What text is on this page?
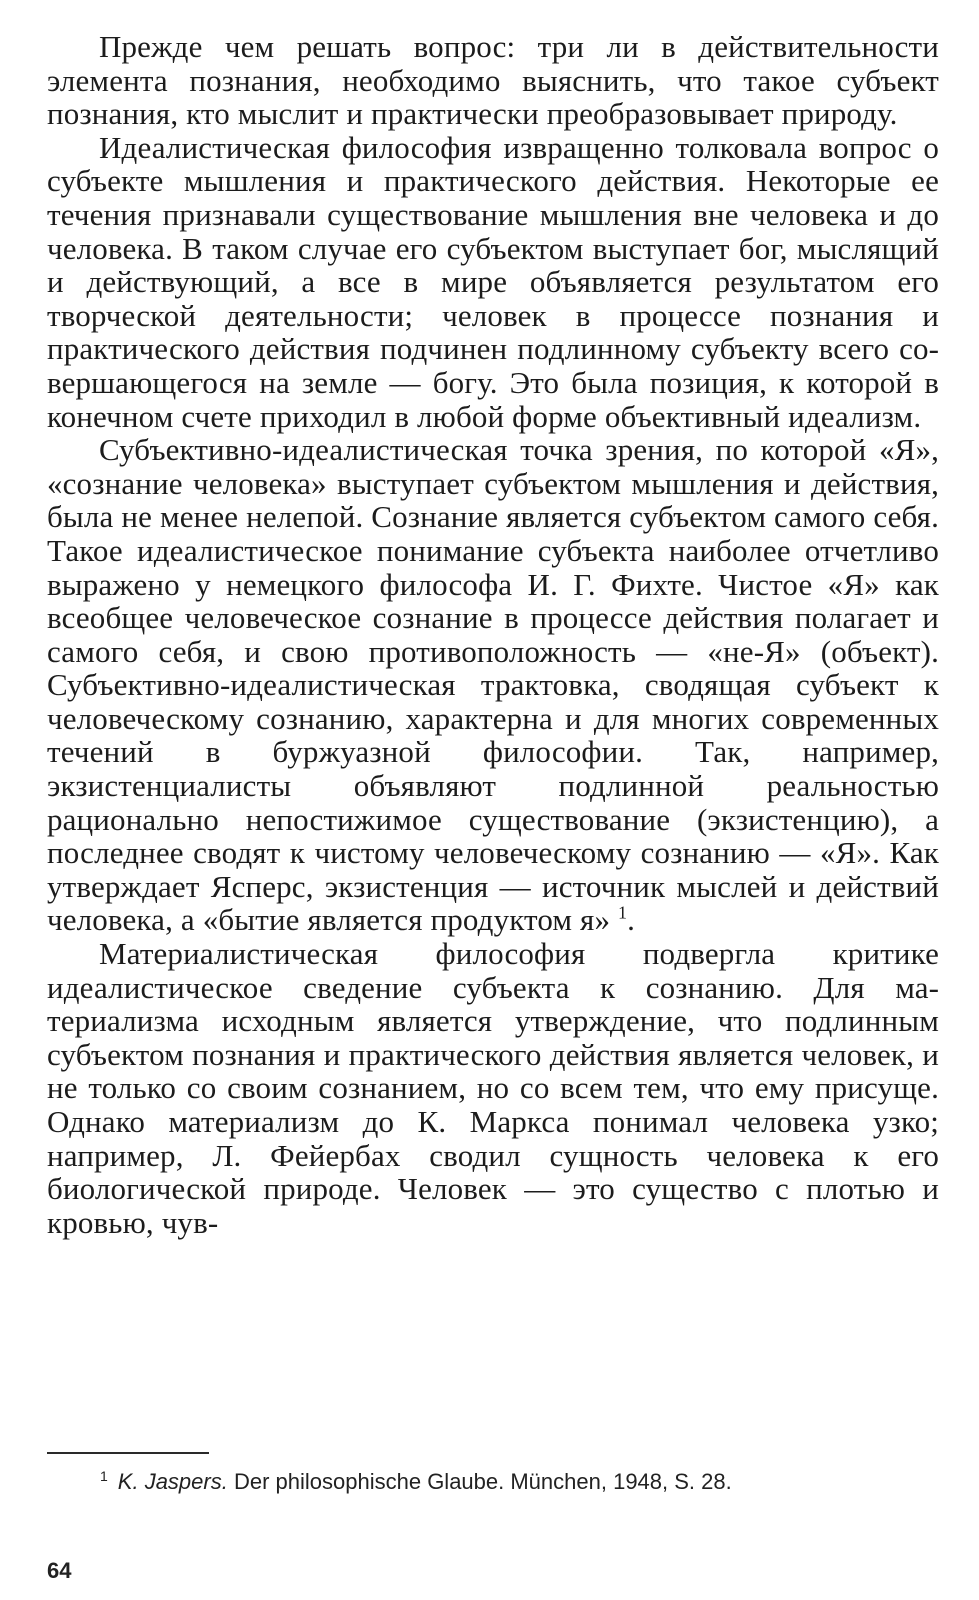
Прежде чем решать вопрос: три ли в действительности элемента познания, необходимо выяснить, что такое субъект познания, кто мыслит и практически преобразовывает природу.

Идеалистическая философия извращенно толковала вопрос о субъекте мышления и практического действия. Некоторые ее течения признавали существование мышления вне человека и до человека. В таком случае его субъектом выступает бог, мыслящий и действующий, а все в мире объявляется результатом его творческой деятельности; человек в процессе познания и практического действия подчинен подлинному субъекту всего совершающегося на земле — богу. Это была позиция, к которой в конечном счете приходил в любой форме объективный идеализм.

Субъективно-идеалистическая точка зрения, по которой «Я», «сознание человека» выступает субъектом мышления и действия, была не менее нелепой. Сознание является субъектом самого себя. Такое идеалистическое понимание субъекта наиболее отчетливо выражено у немецкого философа И. Г. Фихте. Чистое «Я» как всеобщее человеческое сознание в процессе действия полагает и самого себя, и свою противоположность — «не-Я» (объект). Субъективно-идеалистическая трактовка, сводящая субъект к человеческому сознанию, характерна и для многих современных течений в буржуазной философии. Так, например, экзистенциалисты объявляют подлинной реальностью рационально непостижимое существование (экзистенцию), а последнее сводят к чистому человеческому сознанию — «Я». Как утверждает Ясперс, экзистенция — источник мыслей и действий человека, а «бытие является продуктом я» $^1$.

Материалистическая философия подвергла критике идеалистическое сведение субъекта к сознанию. Для материализма исходным является утверждение, что подлинным субъектом познания и практического действия является человек, и не только со своим сознанием, но со всем тем, что ему присуще. Однако материализм до К. Маркса понимал человека узко; например, Л. Фейербах сводил сущность человека к его биологической природе. Человек — это существо с плотью и кровью, чув-

$^1$ K. Jaspers. Der philosophische Glaube. München, 1948, S. 28.

64
